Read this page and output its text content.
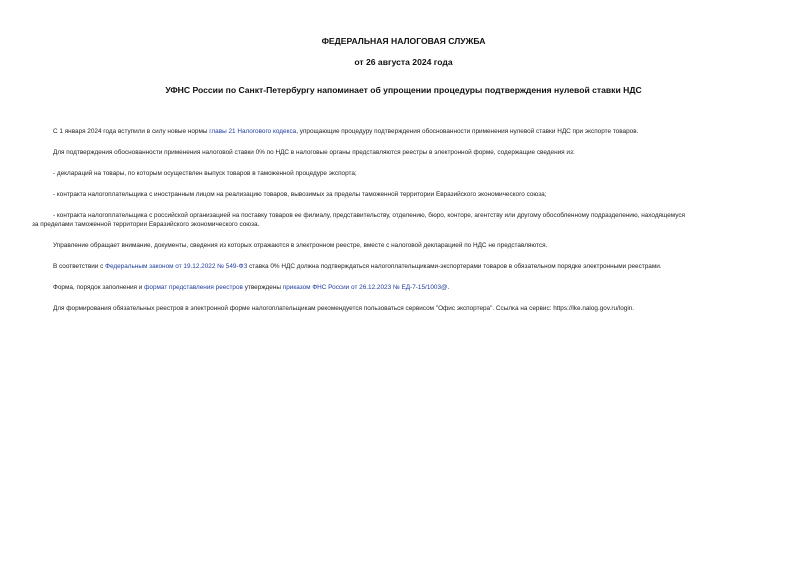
ФЕДЕРАЛЬНАЯ НАЛОГОВАЯ СЛУЖБА
от 26 августа 2024 года
УФНС России по Санкт-Петербургу напоминает об упрощении процедуры подтверждения нулевой ставки НДС
С 1 января 2024 года вступили в силу новые нормы главы 21 Налогового кодекса, упрощающие процедуру подтверждения обоснованности применения нулевой ставки НДС при экспорте товаров.
Для подтверждения обоснованности применения налоговой ставки 0% по НДС в налоговые органы представляются реестры в электронной форме, содержащие сведения из:
- деклараций на товары, по которым осуществлен выпуск товаров в таможенной процедуре экспорта;
- контракта налогоплательщика с иностранным лицом на реализацию товаров, вывозимых за пределы таможенной территории Евразийского экономического союза;
- контракта налогоплательщика с российской организацией на поставку товаров ее филиалу, представительству, отделению, бюро, конторе, агентству или другому обособленному подразделению, находящемуся
за пределами таможенной территории Евразийского экономического союза.
Управление обращает внимание, документы, сведения из которых отражаются в электронном реестре, вместе с налоговой декларацией по НДС не представляются.
В соответствии с Федеральным законом от 19.12.2022 № 549-ФЗ ставка 0% НДС должна подтверждаться налогоплательщиками-экспортерами товаров в обязательном порядке электронными реестрами.
Форма, порядок заполнения и формат представления реестров утверждены приказом ФНС России от 26.12.2023 № ЕД-7-15/1003@.
Для формирования обязательных реестров в электронной форме налогоплательщикам рекомендуется пользоваться сервисом "Офис экспортера". Ссылка на сервис: https://lke.nalog.gov.ru/login.
